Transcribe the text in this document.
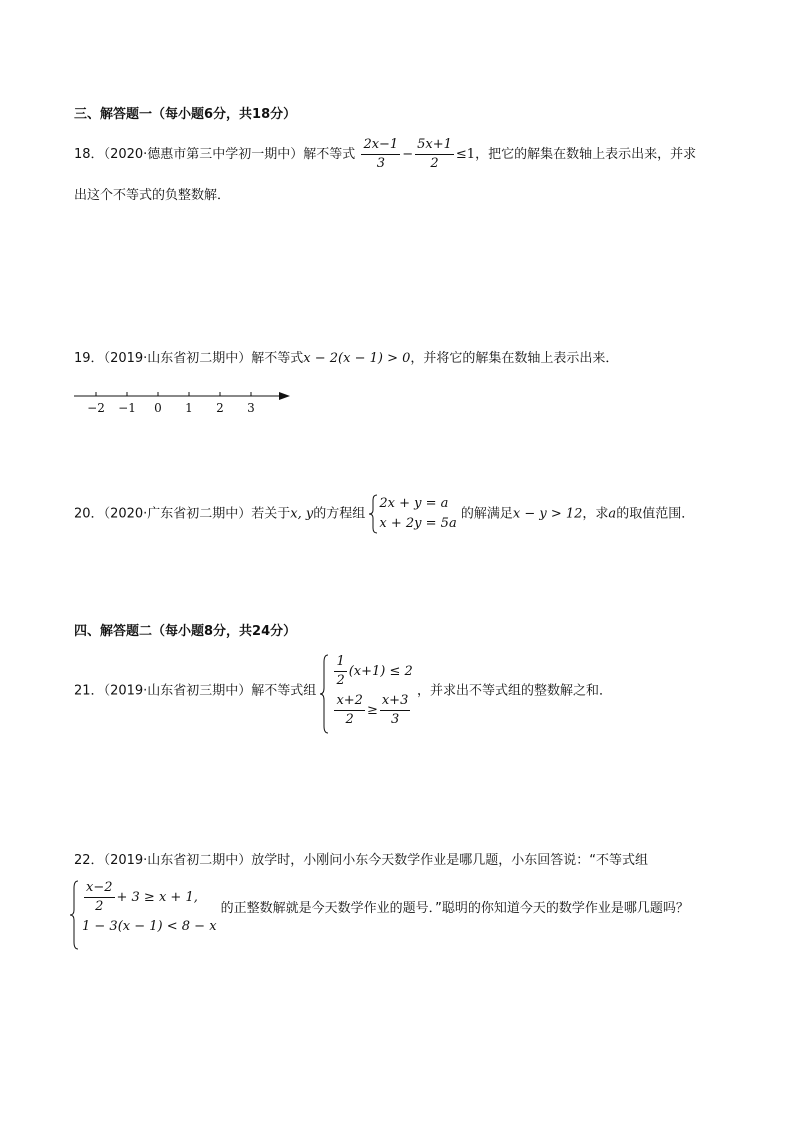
三、解答题一（每小题6分，共18分）
18．（2020·德惠市第三中学初一期中）解不等式 $\frac{2x-1}{3} - \frac{5x+1}{2} \le 1$，把它的解集在数轴上表示出来，并求
出这个不等式的负整数解．
19．（2019·山东省初二期中）解不等式x − 2(x − 1) > 0，并将它的解集在数轴上表示出来．
−2 −1 0 1 2 3
20．（2020·广东省初二期中）若关于x, y的方程组
2x + y = a
x + 2y = 5a
的解满足x − y > 12，求a的取值范围．
四、解答题二（每小题8分，共24分）
21．（2019·山东省初三期中）解不等式组
$\frac{1}{2} (x+1) \le 2$
$\frac{x+2}{2} \ge \frac{x+3}{3}$
，并求出不等式组的整数解之和．
22．（2019·山东省初二期中）放学时，小刚问小东今天数学作业是哪几题，小东回答说：“不等式组
$\frac{x-2}{2} + 3 \ge x + 1$,
1 − 3(x − 1) < 8 − x
的正整数解就是今天数学作业的题号．”聪明的你知道今天的数学作业是哪几题吗？
